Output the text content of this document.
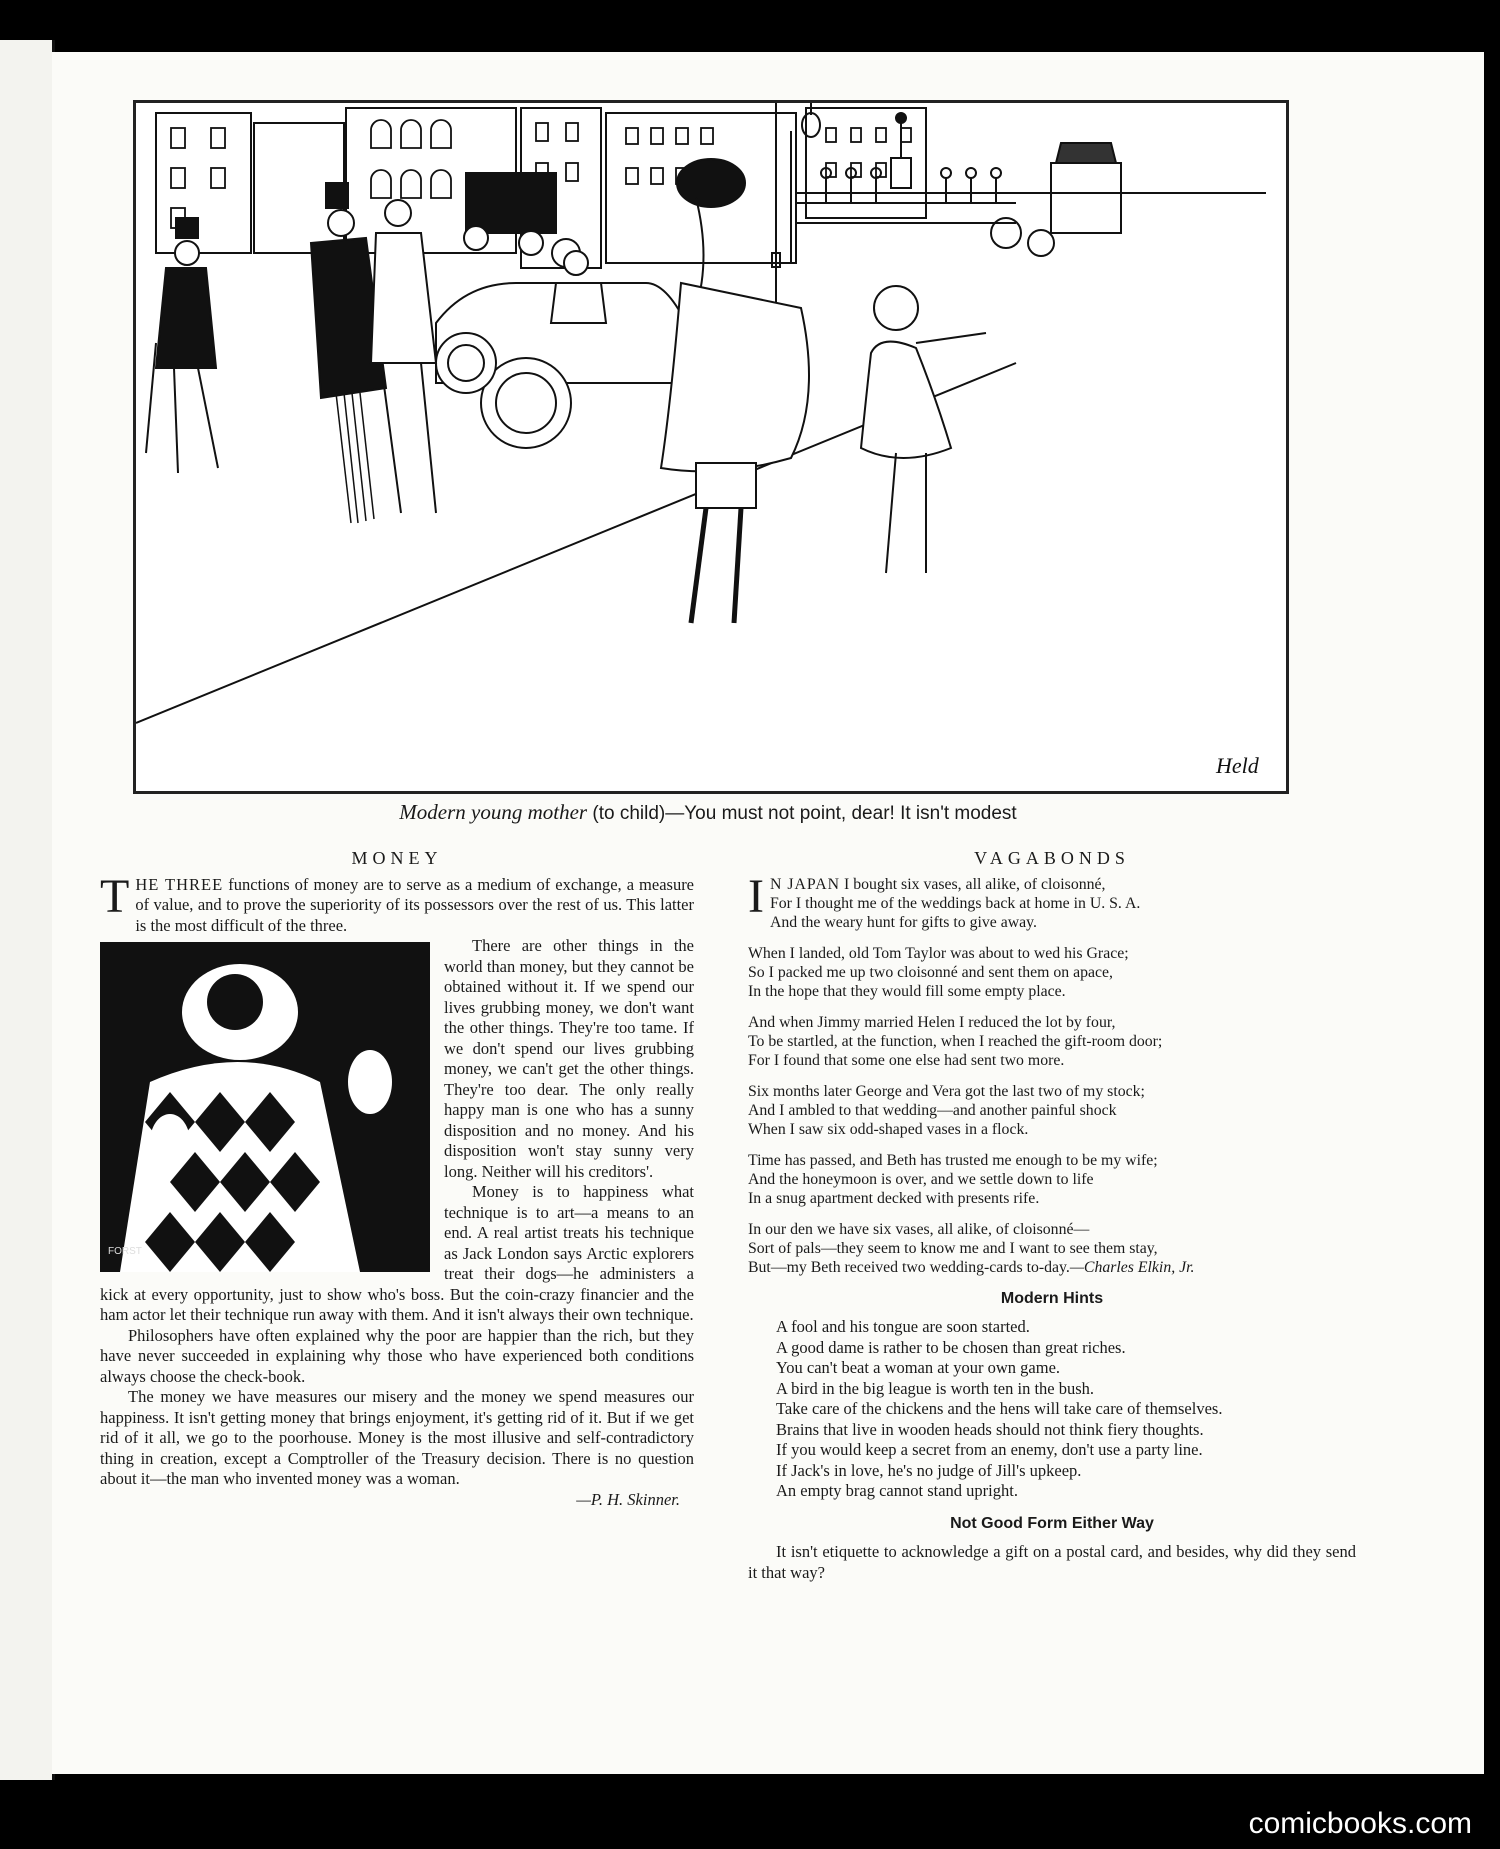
Held
Modern young mother (to child)—You must not point, dear! It isn't modest
MONEY

THE THREE functions of money are to serve as a medium of exchange, a measure of value, and to prove the superiority of its possessors over the rest of us. This latter is the most difficult of the three.

FORST

There are other things in the world than money, but they cannot be obtained without it. If we spend our lives grubbing money, we don't want the other things. They're too tame. If we don't spend our lives grubbing money, we can't get the other things. They're too dear. The only really happy man is one who has a sunny disposition and no money. And his disposition won't stay sunny very long. Neither will his creditors'.

Money is to happiness what technique is to art—a means to an end. A real artist treats his technique as Jack London says Arctic explorers treat their dogs—he administers a kick at every opportunity, just to show who's boss. But the coin-crazy financier and the ham actor let their technique run away with them. And it isn't always their own technique.

Philosophers have often explained why the poor are happier than the rich, but they have never succeeded in explaining why those who have experienced both conditions always choose the check-book.

The money we have measures our misery and the money we spend measures our happiness. It isn't getting money that brings enjoyment, it's getting rid of it. But if we get rid of it all, we go to the poorhouse. Money is the most illusive and self-contradictory thing in creation, except a Comptroller of the Treasury decision. There is no question about it—the man who invented money was a woman.

—P. H. Skinner.

VAGABONDS

I N JAPAN I bought six vases, all alike, of cloisonné,

For I thought me of the weddings back at home in U. S. A.
And the weary hunt for gifts to give away.

When I landed, old Tom Taylor was about to wed his Grace;
So I packed me up two cloisonné and sent them on apace,
In the hope that they would fill some empty place.

And when Jimmy married Helen I reduced the lot by four,
To be startled, at the function, when I reached the gift-room door;
For I found that some one else had sent two more.

Six months later George and Vera got the last two of my stock;
And I ambled to that wedding—and another painful shock
When I saw six odd-shaped vases in a flock.

Time has passed, and Beth has trusted me enough to be my wife;
And the honeymoon is over, and we settle down to life
In a snug apartment decked with presents rife.

In our den we have six vases, all alike, of cloisonné—
Sort of pals—they seem to know me and I want to see them stay,
But—my Beth received two wedding-cards to-day.—Charles Elkin, Jr.

Modern Hints

A fool and his tongue are soon started.

A good dame is rather to be chosen than great riches.

You can't beat a woman at your own game.

A bird in the big league is worth ten in the bush.

Take care of the chickens and the hens will take care of themselves.

Brains that live in wooden heads should not think fiery thoughts.

If you would keep a secret from an enemy, don't use a party line.

If Jack's in love, he's no judge of Jill's upkeep.

An empty brag cannot stand upright.

Not Good Form Either Way

It isn't etiquette to acknowledge a gift on a postal card, and besides, why did they send it that way?

comicbooks.com
